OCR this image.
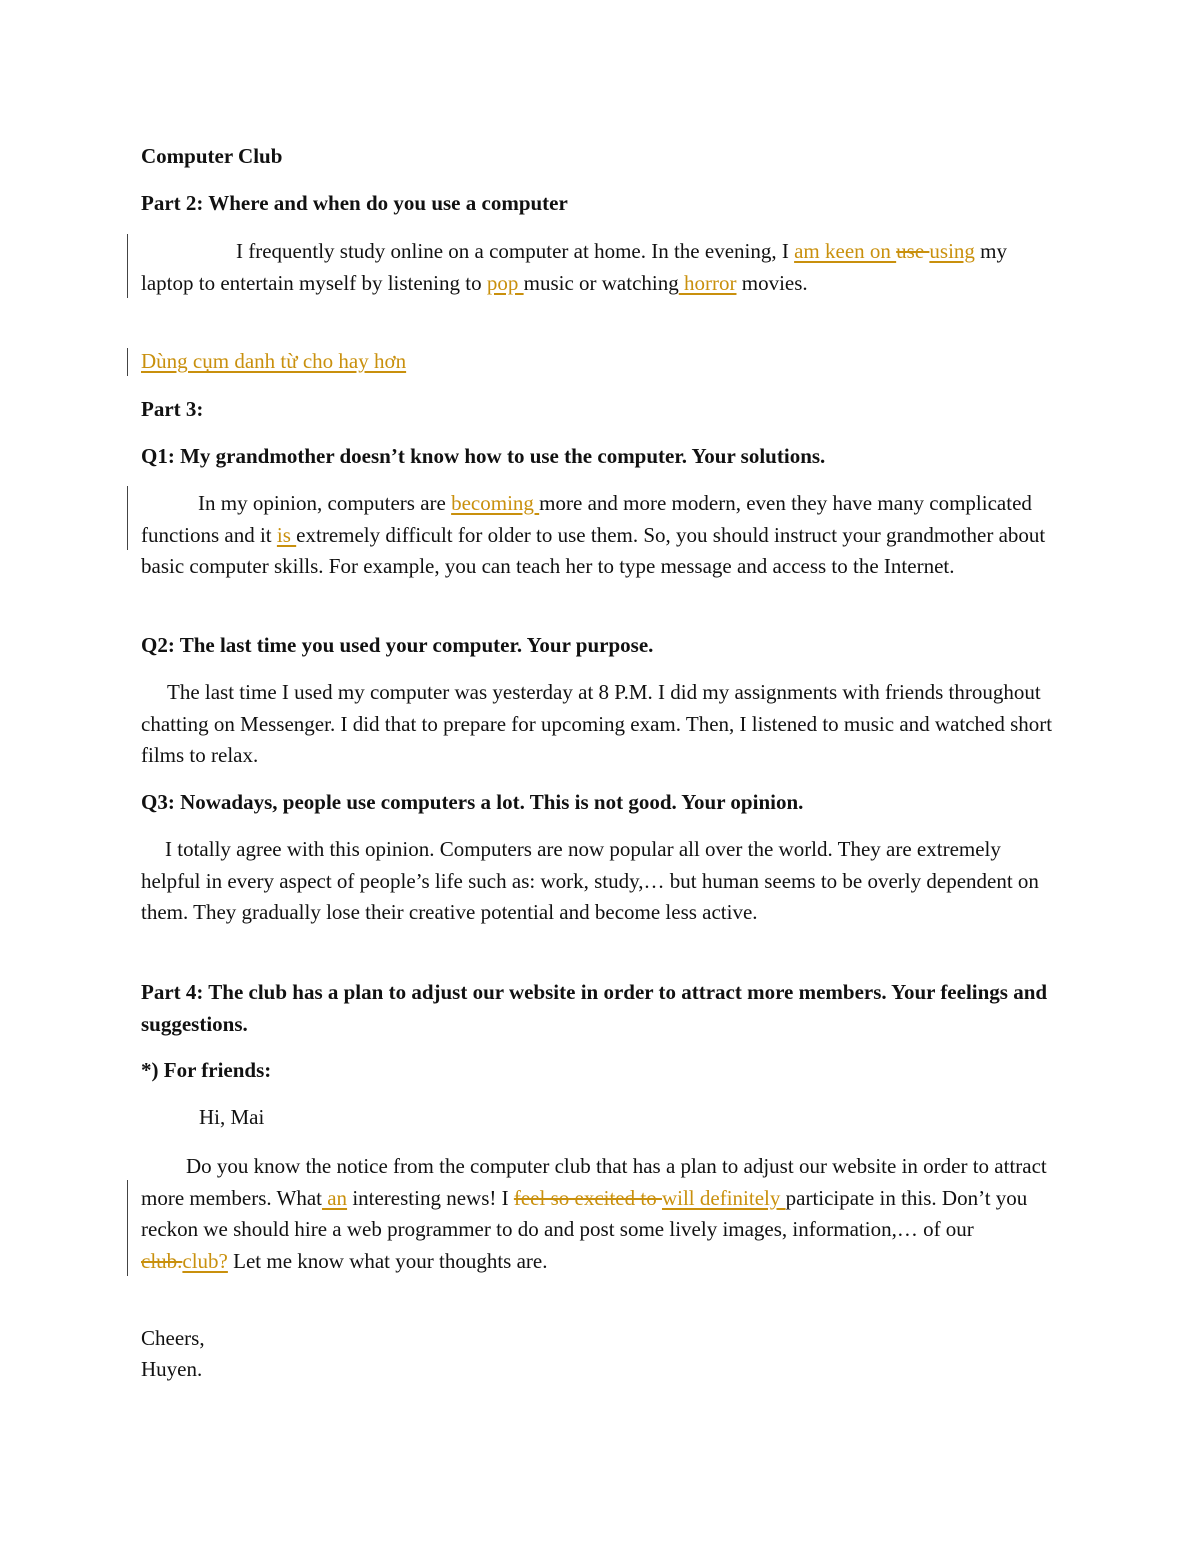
Computer Club
Part 2: Where and when do you use a computer

I frequently study online on a computer at home. In the evening, I am keen on use using my laptop to entertain myself by listening to pop music or watching horror movies.

Dùng cụm danh từ cho hay hơn
Part 3:
Q1: My grandmother doesn’t know how to use the computer. Your solutions.

In my opinion, computers are becoming more and more modern, even they have many complicated functions and it is extremely difficult for older to use them. So, you should instruct your grandmother about basic computer skills. For example, you can teach her to type message and access to the Internet.

Q2: The last time you used your computer. Your purpose.

The last time I used my computer was yesterday at 8 P.M. I did my assignments with friends throughout chatting on Messenger. I did that to prepare for upcoming exam. Then, I listened to music and watched short films to relax.

Q3: Nowadays, people use computers a lot. This is not good. Your opinion.

I totally agree with this opinion. Computers are now popular all over the world. They are extremely helpful in every aspect of people’s life such as: work, study,… but human seems to be overly dependent on them. They gradually lose their creative potential and become less active.

Part 4: The club has a plan to adjust our website in order to attract more members. Your feelings and suggestions.
*) For friends:
Hi, Mai

Do you know the notice from the computer club that has a plan to adjust our website in order to attract more members. What an interesting news! I feel so excited to will definitely participate in this. Don’t you reckon we should hire a web programmer to do and post some lively images, information,… of our club.club? Let me know what your thoughts are.

Cheers,
Huyen.
